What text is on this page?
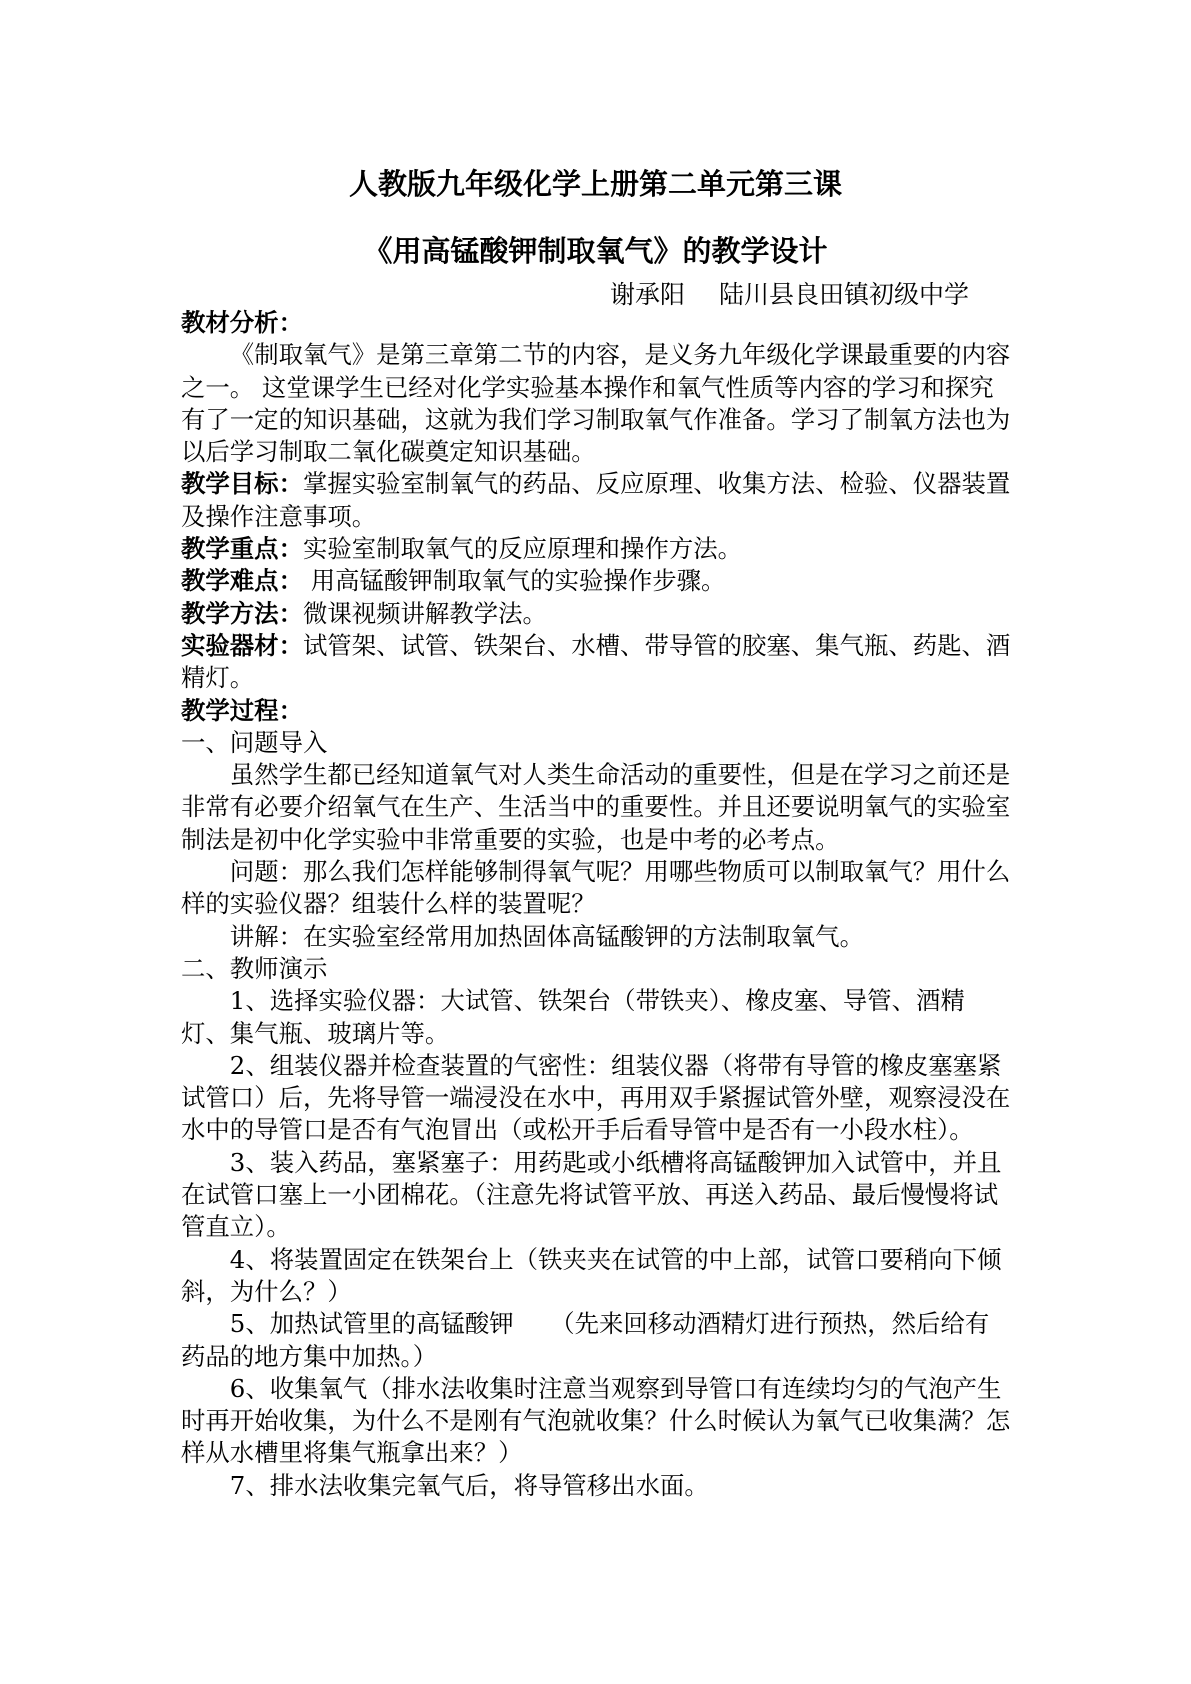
人教版九年级化学上册第二单元第三课
《用高锰酸钾制取氧气》的教学设计
谢承阳 陆川县良田镇初级中学

教材分析：

《制取氧气》是第三章第二节的内容，是义务九年级化学课最重要的内容之一。 这堂课学生已经对化学实验基本操作和氧气性质等内容的学习和探究有了一定的知识基础，这就为我们学习制取氧气作准备。学习了制氧方法也为以后学习制取二氧化碳奠定知识基础。

教学目标：掌握实验室制氧气的药品、反应原理、收集方法、检验、仪器装置及操作注意事项。

教学重点：实验室制取氧气的反应原理和操作方法。

教学难点： 用高锰酸钾制取氧气的实验操作步骤。

教学方法：微课视频讲解教学法。

实验器材：试管架、试管、铁架台、水槽、带导管的胶塞、集气瓶、药匙、酒精灯。

教学过程：

一、问题导入

虽然学生都已经知道氧气对人类生命活动的重要性，但是在学习之前还是非常有必要介绍氧气在生产、生活当中的重要性。并且还要说明氧气的实验室制法是初中化学实验中非常重要的实验，也是中考的必考点。

问题：那么我们怎样能够制得氧气呢？用哪些物质可以制取氧气？用什么样的实验仪器？组装什么样的装置呢？

讲解：在实验室经常用加热固体高锰酸钾的方法制取氧气。

二、教师演示

1、选择实验仪器：大试管、铁架台（带铁夹）、橡皮塞、导管、酒精灯、集气瓶、玻璃片等。

2、组装仪器并检查装置的气密性：组装仪器（将带有导管的橡皮塞塞紧试管口）后，先将导管一端浸没在水中，再用双手紧握试管外壁，观察浸没在水中的导管口是否有气泡冒出（或松开手后看导管中是否有一小段水柱）。

3、装入药品，塞紧塞子：用药匙或小纸槽将高锰酸钾加入试管中，并且在试管口塞上一小团棉花。（注意先将试管平放、再送入药品、最后慢慢将试管直立）。

4、将装置固定在铁架台上（铁夹夹在试管的中上部，试管口要稍向下倾斜，为什么？）

5、加热试管里的高锰酸钾　　（先来回移动酒精灯进行预热，然后给有药品的地方集中加热。）

6、收集氧气（排水法收集时注意当观察到导管口有连续均匀的气泡产生时再开始收集，为什么不是刚有气泡就收集？什么时候认为氧气已收集满？怎样从水槽里将集气瓶拿出来？）

7、排水法收集完氧气后，将导管移出水面。
